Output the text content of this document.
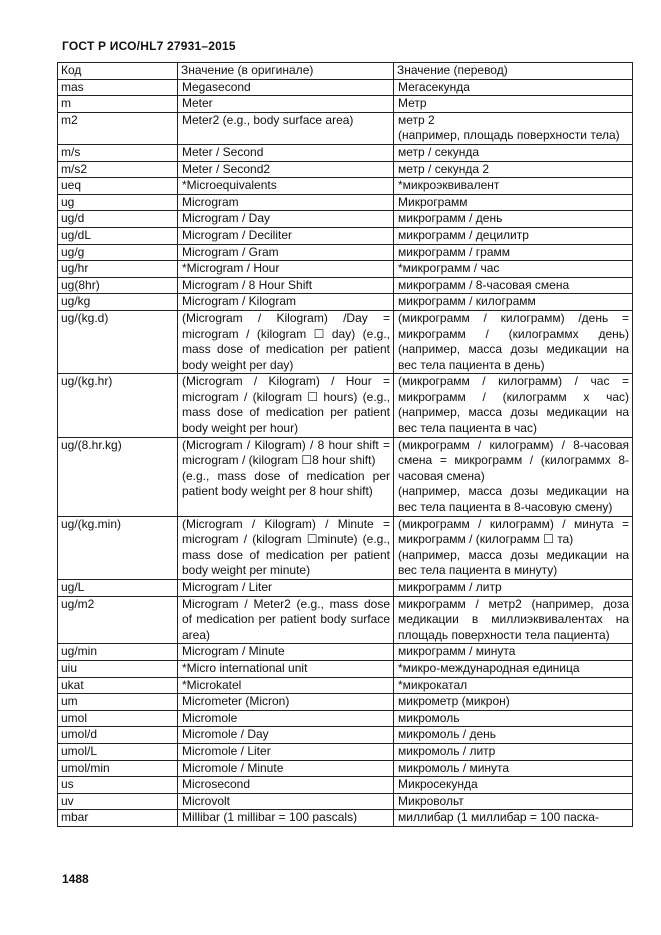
ГОСТ Р ИСО/HL7 27931–2015
Код	Значение (в оригинале)	Значение (перевод)
mas	Megasecond	Мегасекунда

m	Meter	Метр

m2	Meter2 (e.g., body surface area)	метр 2
(например, площадь поверхности тела)

m/s	Meter / Second	метр / секунда

m/s2	Meter / Second2	метр / секунда 2

ueq	*Microequivalents	*микроэквивалент

ug	Microgram	Микрограмм

ug/d	Microgram / Day	микрограмм / день

ug/dL	Microgram / Deciliter	микрограмм / децилитр

ug/g	Microgram / Gram	микрограмм / грамм

ug/hr	*Microgram / Hour	*микрограмм / час

ug(8hr)	Microgram / 8 Hour Shift	микрограмм / 8-часовая смена

ug/kg	Microgram / Kilogram	микрограмм / килограмм

ug/(kg.d)	(Microgram / Kilogram) /Day = microgram / (kilogram ☐ day) (e.g., mass dose of medication per patient body weight per day)	(микрограмм / килограмм) /день = микрограмм / (килограммх день) (например, масса дозы медикации на вес тела пациента в день)

ug/(kg.hr)	(Microgram / Kilogram) / Hour = microgram / (kilogram ☐ hours) (e.g., mass dose of medication per patient body weight per hour)	(микрограмм / килограмм) / час = микрограмм / (килограмм х час) (например, масса дозы медикации на вес тела пациента в час)

ug/(8.hr.kg)	(Microgram / Kilogram) / 8 hour shift = microgram / (kilogram ☐8 hour shift)
(e.g., mass dose of medication per patient body weight per 8 hour shift)	(микрограмм / килограмм) / 8-часовая смена = микрограмм / (килограммх 8-часовая смена)
(например, масса дозы медикации на вес тела пациента в 8-часовую смену)

ug/(kg.min)	(Microgram / Kilogram) / Minute = microgram / (kilogram ☐minute) (e.g., mass dose of medication per patient body weight per minute)	(микрограмм / килограмм) / минута = микрограмм / (килограмм ☐ та)
(например, масса дозы медикации на вес тела пациента в минуту)

ug/L	Microgram / Liter	микрограмм / литр

ug/m2	Microgram / Meter2 (e.g., mass dose of medication per patient body surface area)	микрограмм / метр2 (например, доза медикации в миллиэквивалентах на площадь поверхности тела пациента)

ug/min	Microgram / Minute	микрограмм / минута

uiu	*Micro international unit	*микро-международная единица

ukat	*Microkatel	*микрокатал

um	Micrometer (Micron)	микрометр (микрон)

umol	Micromole	микромоль

umol/d	Micromole / Day	микромоль / день

umol/L	Micromole / Liter	микромоль / литр

umol/min	Micromole / Minute	микромоль / минута

us	Microsecond	Микросекунда

uv	Microvolt	Микровольт

mbar	Millibar (1 millibar = 100 pascals)	миллибар (1 миллибар = 100 паска-
1488
